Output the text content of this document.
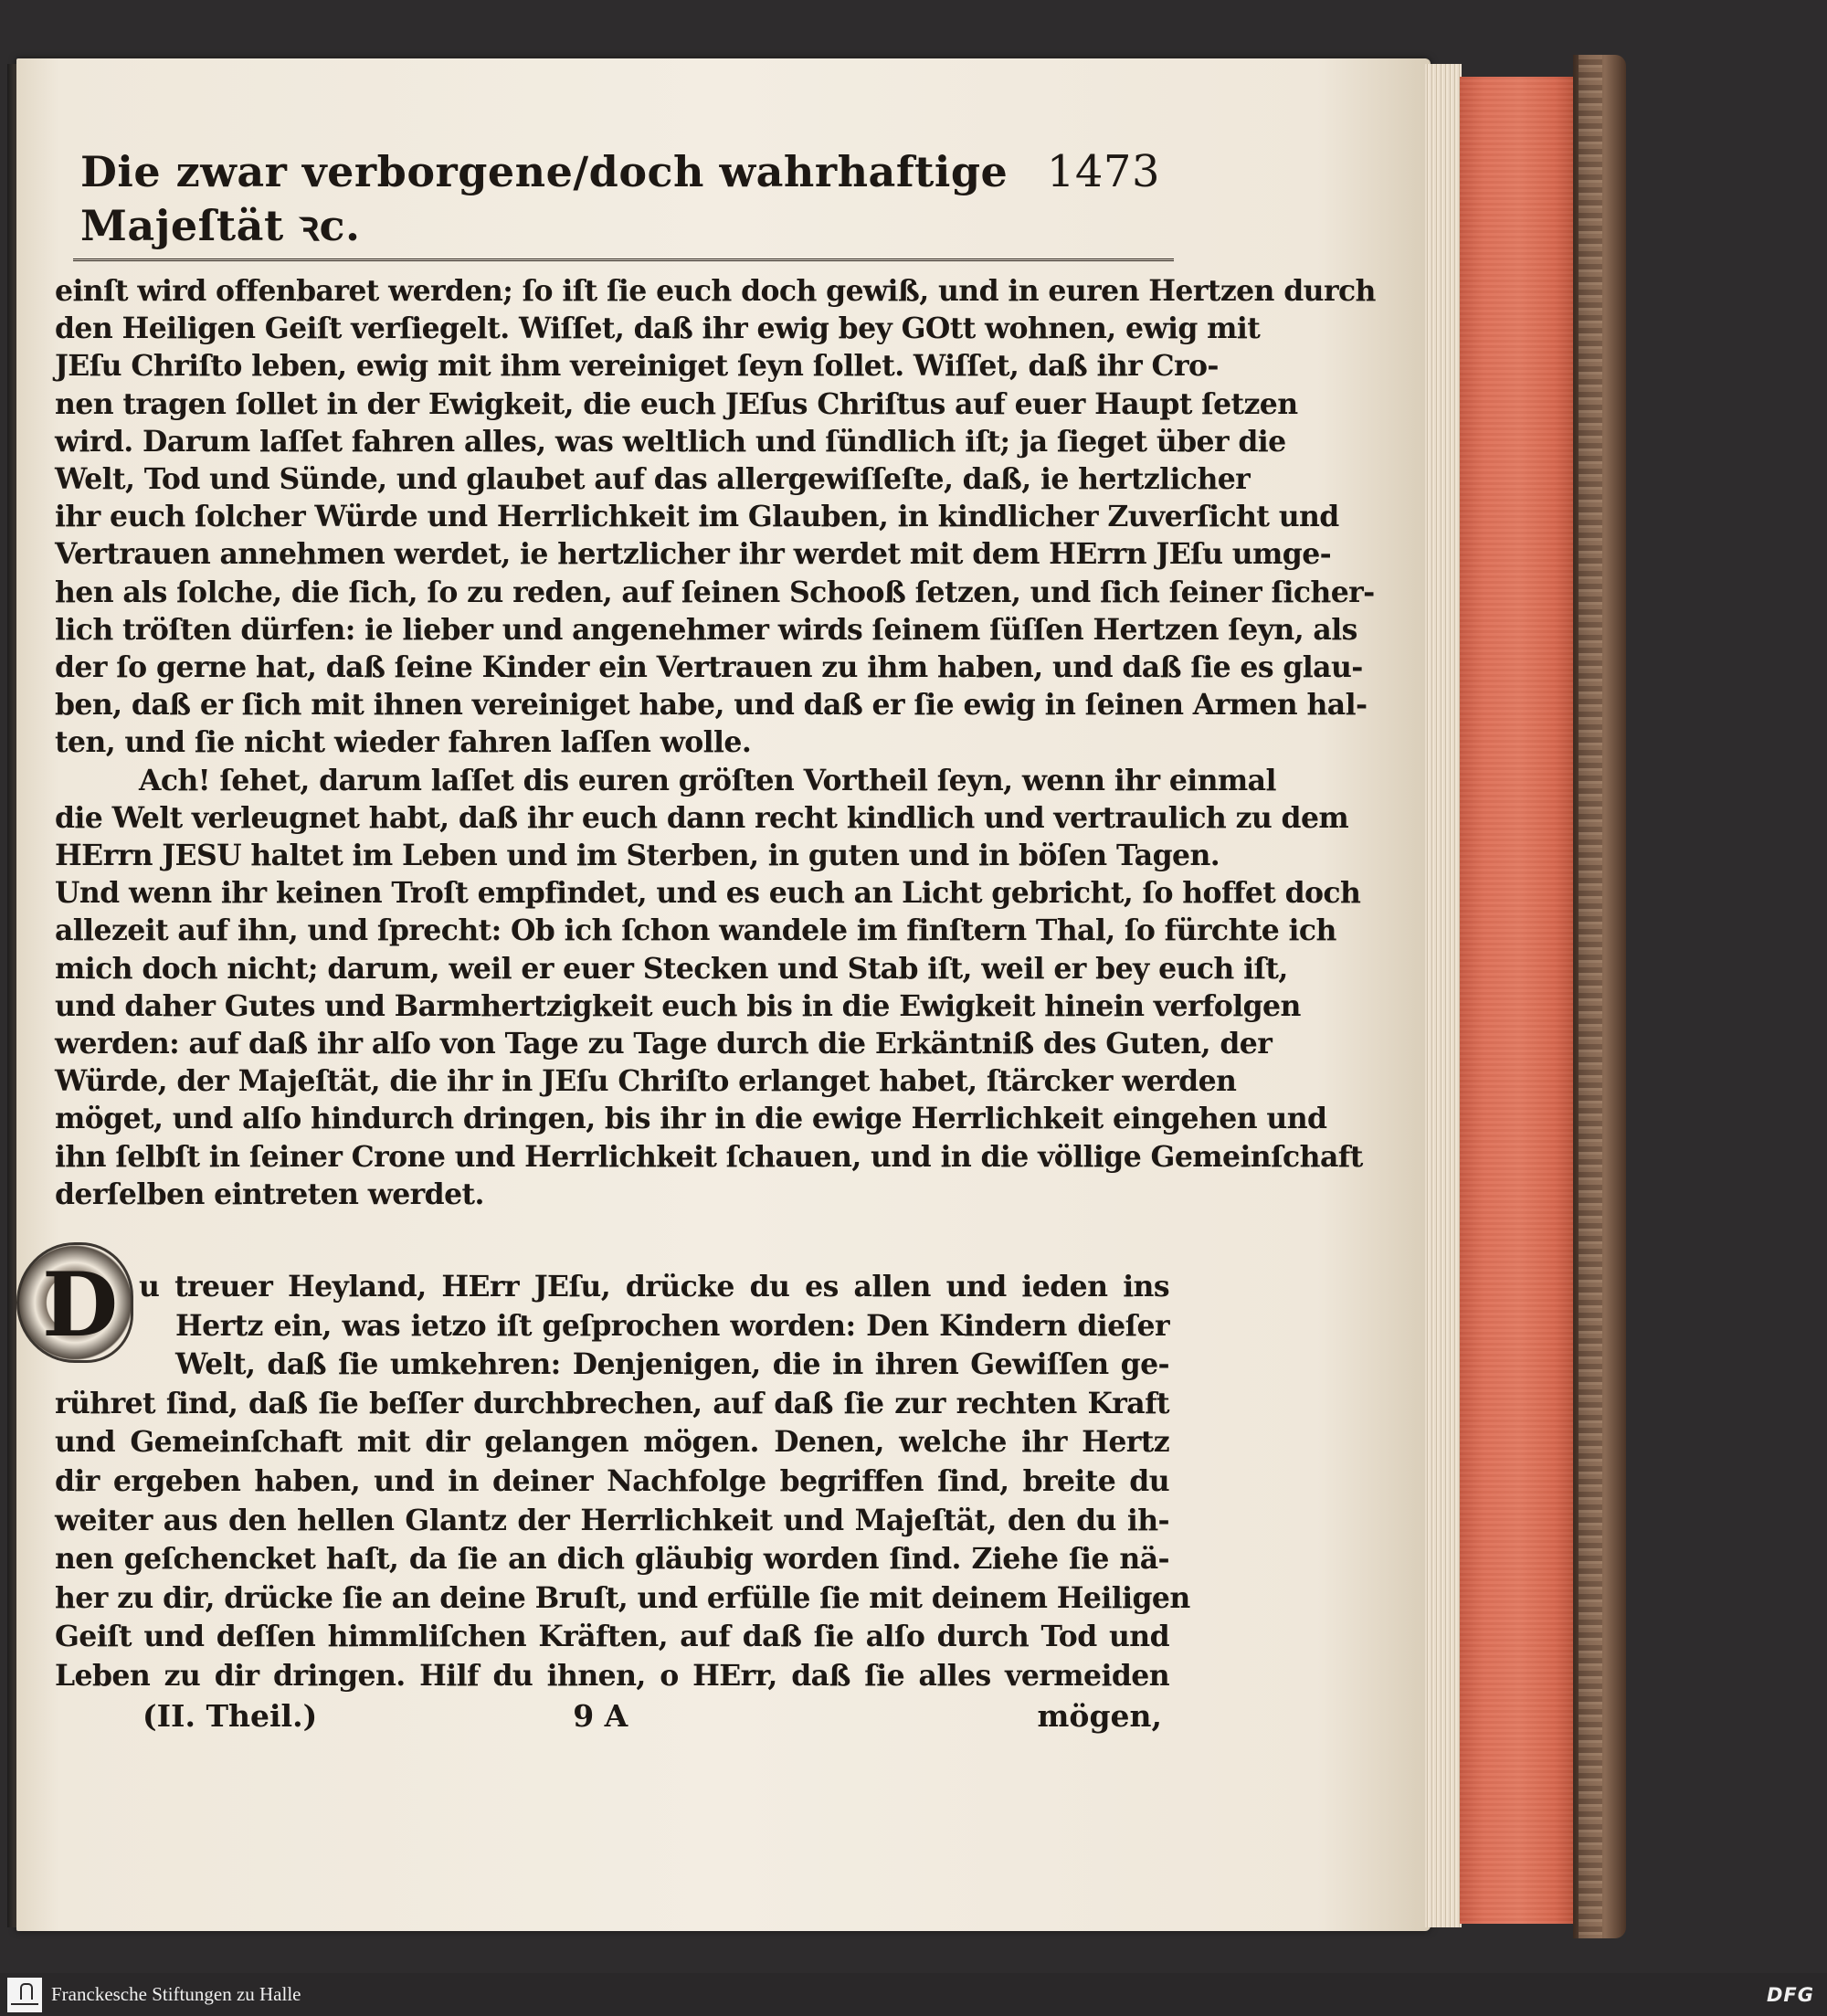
D
Die zwar verborgene/doch wahrhaftige Majeſtät ꝛc.
1473
einſt wird offenbaret werden; ſo iſt ſie euch doch gewiß, und in euren Hertzen durch
den Heiligen Geiſt verſiegelt. Wiſſet, daß ihr ewig bey GOtt wohnen, ewig mit
JEſu Chriſto leben, ewig mit ihm vereiniget ſeyn ſollet. Wiſſet, daß ihr Cro-
nen tragen ſollet in der Ewigkeit, die euch JEſus Chriſtus auf euer Haupt ſetzen
wird. Darum laſſet fahren alles, was weltlich und ſündlich iſt; ja ſieget über die
Welt, Tod und Sünde, und glaubet auf das allergewiſſeſte, daß, ie hertzlicher
ihr euch ſolcher Würde und Herrlichkeit im Glauben, in kindlicher Zuverſicht und
Vertrauen annehmen werdet, ie hertzlicher ihr werdet mit dem HErrn JEſu umge-
hen als ſolche, die ſich, ſo zu reden, auf ſeinen Schooß ſetzen, und ſich ſeiner ſicher-
lich tröſten dürfen: ie lieber und angenehmer wirds ſeinem ſüſſen Hertzen ſeyn, als
der ſo gerne hat, daß ſeine Kinder ein Vertrauen zu ihm haben, und daß ſie es glau-
ben, daß er ſich mit ihnen vereiniget habe, und daß er ſie ewig in ſeinen Armen hal-
ten, und ſie nicht wieder fahren laſſen wolle.
Ach! ſehet, darum laſſet dis euren gröſten Vortheil ſeyn, wenn ihr einmal
die Welt verleugnet habt, daß ihr euch dann recht kindlich und vertraulich zu dem
HErrn JESU haltet im Leben und im Sterben, in guten und in böſen Tagen.
Und wenn ihr keinen Troſt empfindet, und es euch an Licht gebricht, ſo hoffet doch
allezeit auf ihn, und ſprecht: Ob ich ſchon wandele im finſtern Thal, ſo fürchte ich
mich doch nicht; darum, weil er euer Stecken und Stab iſt, weil er bey euch iſt,
und daher Gutes und Barmhertzigkeit euch bis in die Ewigkeit hinein verfolgen
werden: auf daß ihr alſo von Tage zu Tage durch die Erkäntniß des Guten, der
Würde, der Majeſtät, die ihr in JEſu Chriſto erlanget habet, ſtärcker werden
möget, und alſo hindurch dringen, bis ihr in die ewige Herrlichkeit eingehen und
ihn ſelbſt in ſeiner Crone und Herrlichkeit ſchauen, und in die völlige Gemeinſchaft
derſelben eintreten werdet.
u treuer Heyland, HErr JEſu, drücke du es allen und ieden ins
Hertz ein, was ietzo iſt geſprochen worden: Den Kindern dieſer
Welt, daß ſie umkehren: Denjenigen, die in ihren Gewiſſen ge-
rühret ſind, daß ſie beſſer durchbrechen, auf daß ſie zur rechten Kraft
und Gemeinſchaft mit dir gelangen mögen. Denen, welche ihr Hertz
dir ergeben haben, und in deiner Nachfolge begriffen ſind, breite du
weiter aus den hellen Glantz der Herrlichkeit und Majeſtät, den du ih-
nen geſchencket haſt, da ſie an dich gläubig worden ſind. Ziehe ſie nä-
her zu dir, drücke ſie an deine Bruſt, und erfülle ſie mit deinem Heiligen
Geiſt und deſſen himmliſchen Kräften, auf daß ſie alſo durch Tod und
Leben zu dir dringen. Hilf du ihnen, o HErr, daß ſie alles vermeiden
(II. Theil.)	9 A	mögen,
Franckesche Stiftungen zu Halle	DFG
